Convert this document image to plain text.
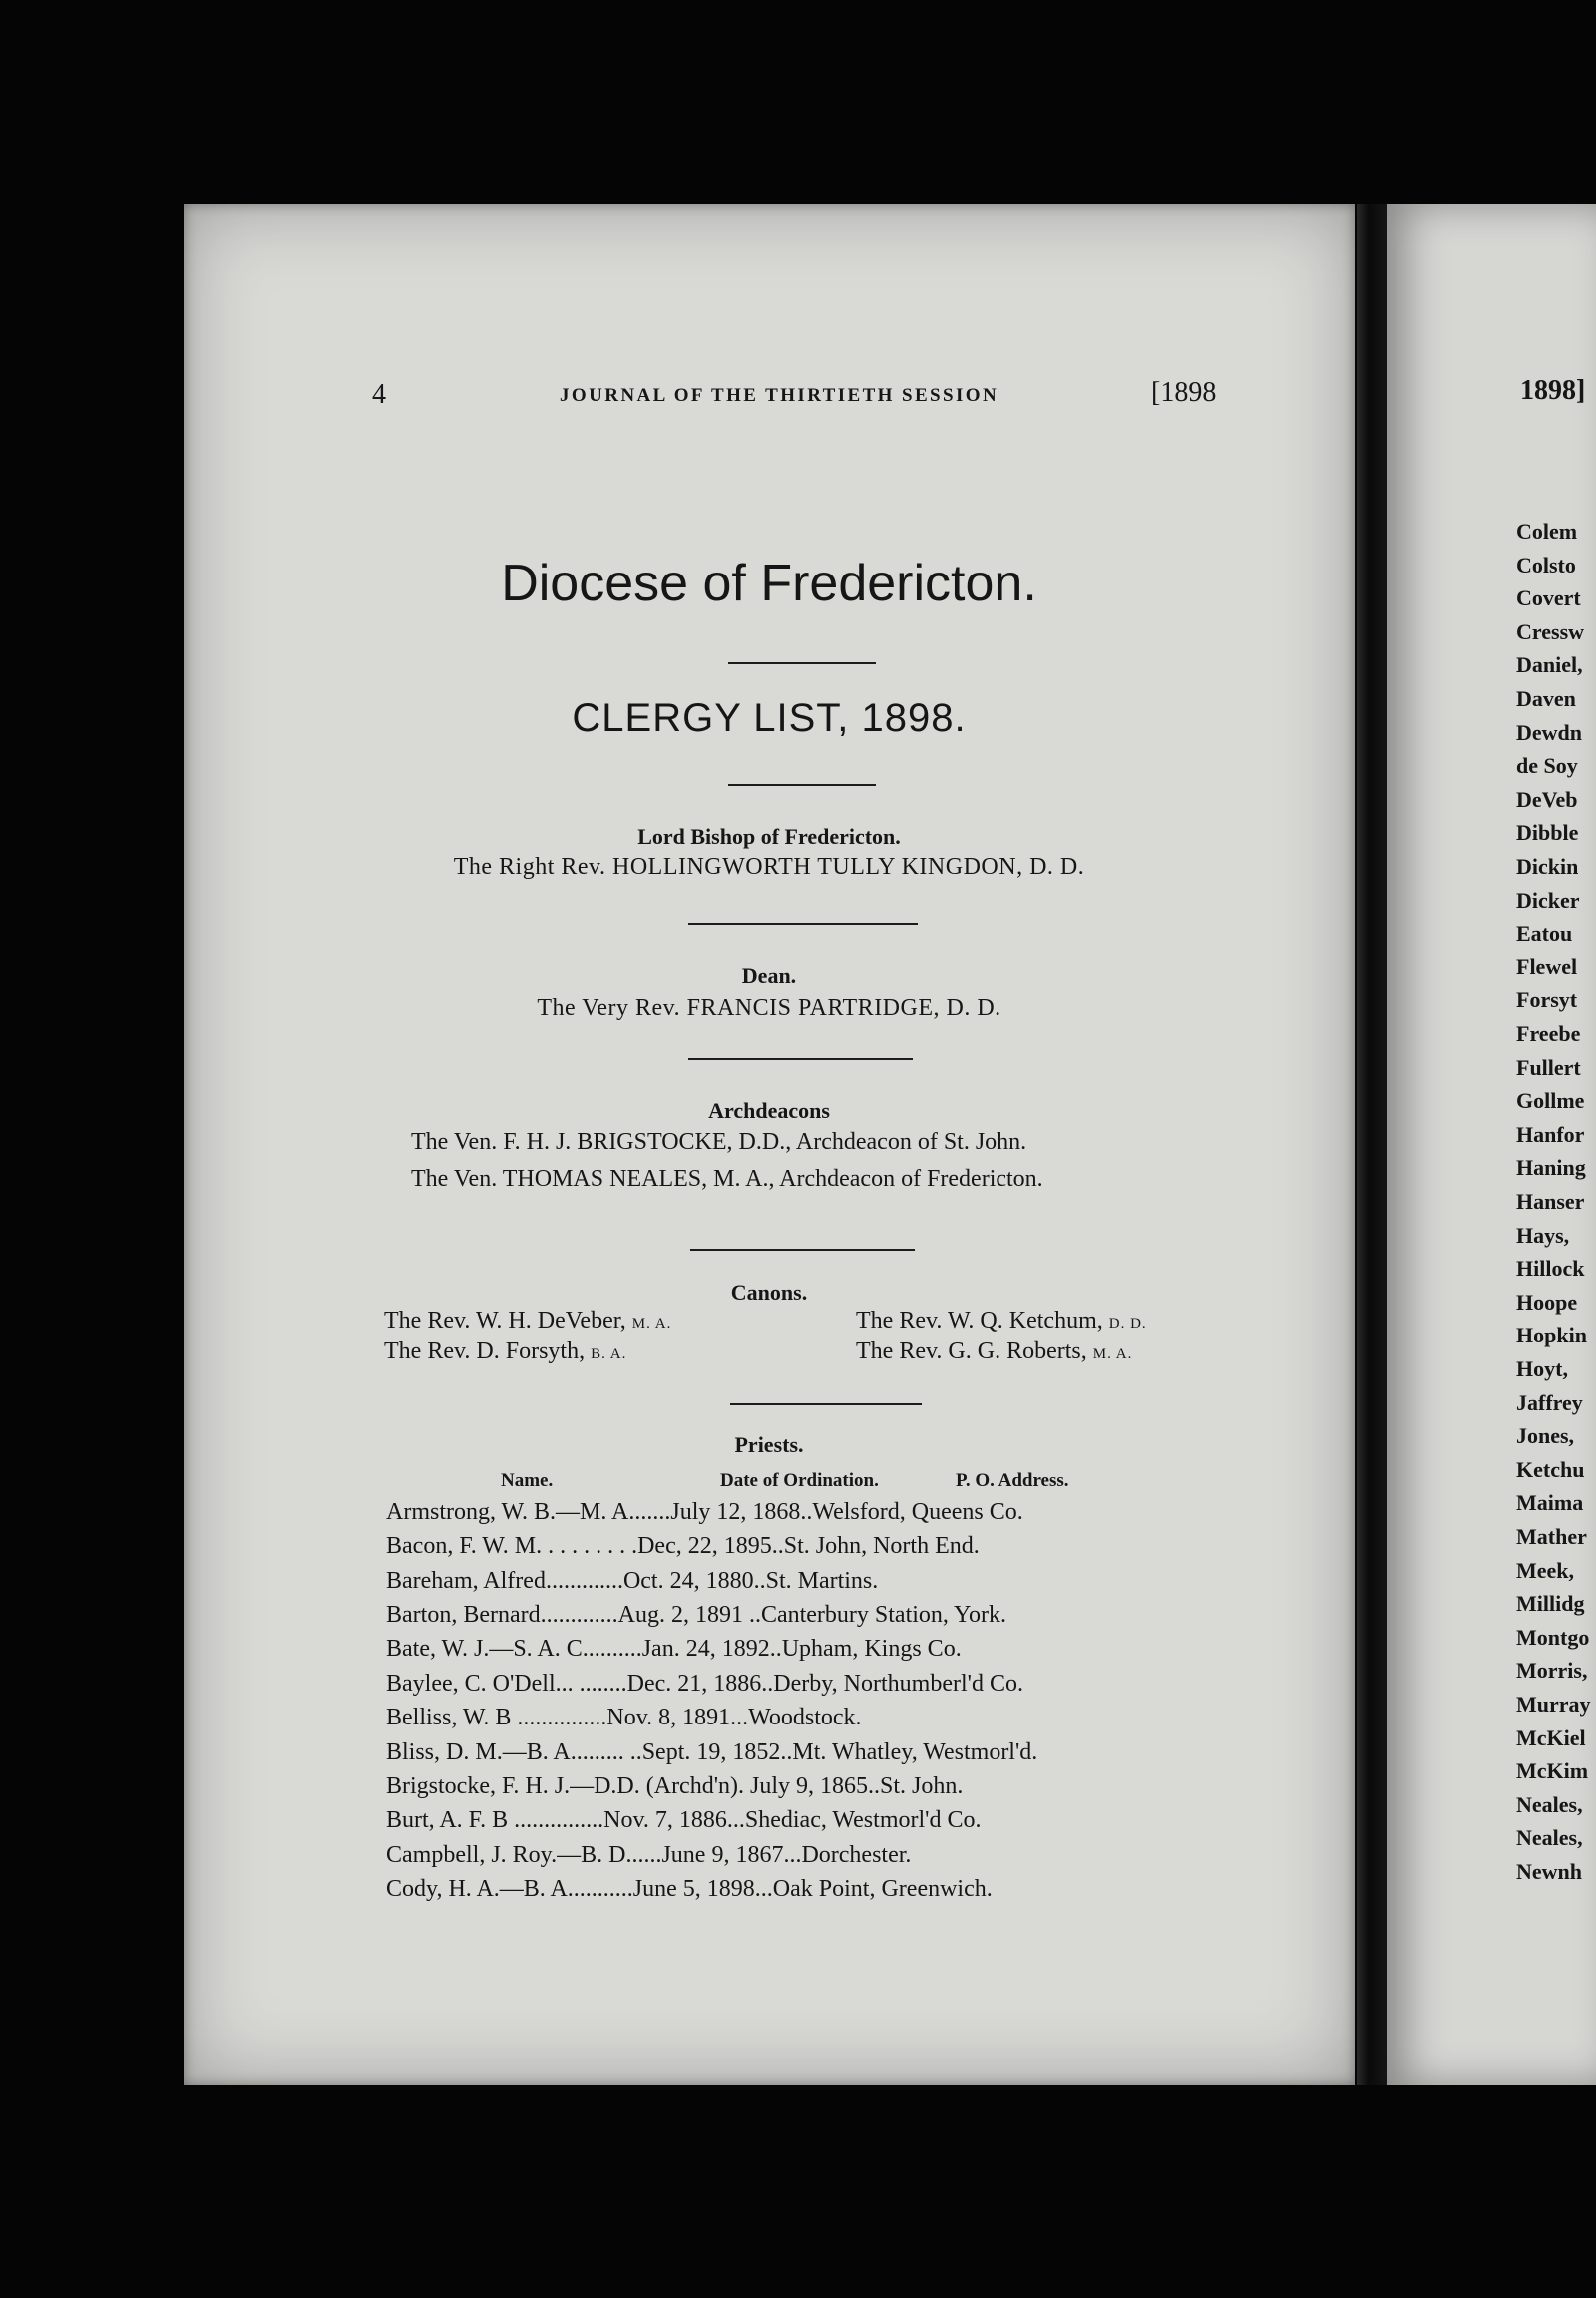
4	JOURNAL OF THE THIRTIETH SESSION	[1898
Diocese of Fredericton.
CLERGY LIST, 1898.
Lord Bishop of Fredericton.
The Right Rev. HOLLINGWORTH TULLY KINGDON, D. D.
Dean.
The Very Rev. FRANCIS PARTRIDGE, D. D.
Archdeacons
The Ven. F. H. J. BRIGSTOCKE, D.D., Archdeacon of St. John.
The Ven. THOMAS NEALES, M. A., Archdeacon of Fredericton.
Canons.
The Rev. W. H. DeVeber, M. A.	The Rev. W. Q. Ketchum, D. D.
The Rev. D. Forsyth, B. A.	The Rev. G. G. Roberts, M. A.
Priests.
Name.	Date of Ordination.	P. O. Address.
Armstrong, W. B.—M. A.......July 12, 1868..Welsford, Queens Co.
Bacon, F. W. M. . . . . . . . .Dec, 22, 1895..St. John, North End.
Bareham, Alfred.............Oct. 24, 1880..St. Martins.
Barton, Bernard.............Aug. 2, 1891 ..Canterbury Station, York.
Bate, W. J.—S. A. C..........Jan. 24, 1892..Upham, Kings Co.
Baylee, C. O'Dell... ........Dec. 21, 1886..Derby, Northumberl'd Co.
Belliss, W. B ...............Nov. 8, 1891...Woodstock.
Bliss, D. M.—B. A......... ..Sept. 19, 1852..Mt. Whatley, Westmorl'd.
Brigstocke, F. H. J.—D.D. (Archd'n). July 9, 1865..St. John.
Burt, A. F. B ...............Nov. 7, 1886...Shediac, Westmorl'd Co.
Campbell, J. Roy.—B. D......June 9, 1867...Dorchester.
Cody, H. A.—B. A...........June 5, 1898...Oak Point, Greenwich.
1898]
Colem
Colsto
Covert
Cressw
Daniel,
Daven
Dewdn
de Soy
DeVeb
Dibble
Dickin
Dicker
Eatou
Flewel
Forsyt
Freebe
Fullert
Gollme
Hanfor
Haning
Hanser
Hays,
Hillock
Hoope
Hopkin
Hoyt,
Jaffrey
Jones,
Ketchu
Maima
Mather
Meek,
Millidg
Montgo
Morris,
Murray
McKiel
McKim
Neales,
Neales,
Newnh
